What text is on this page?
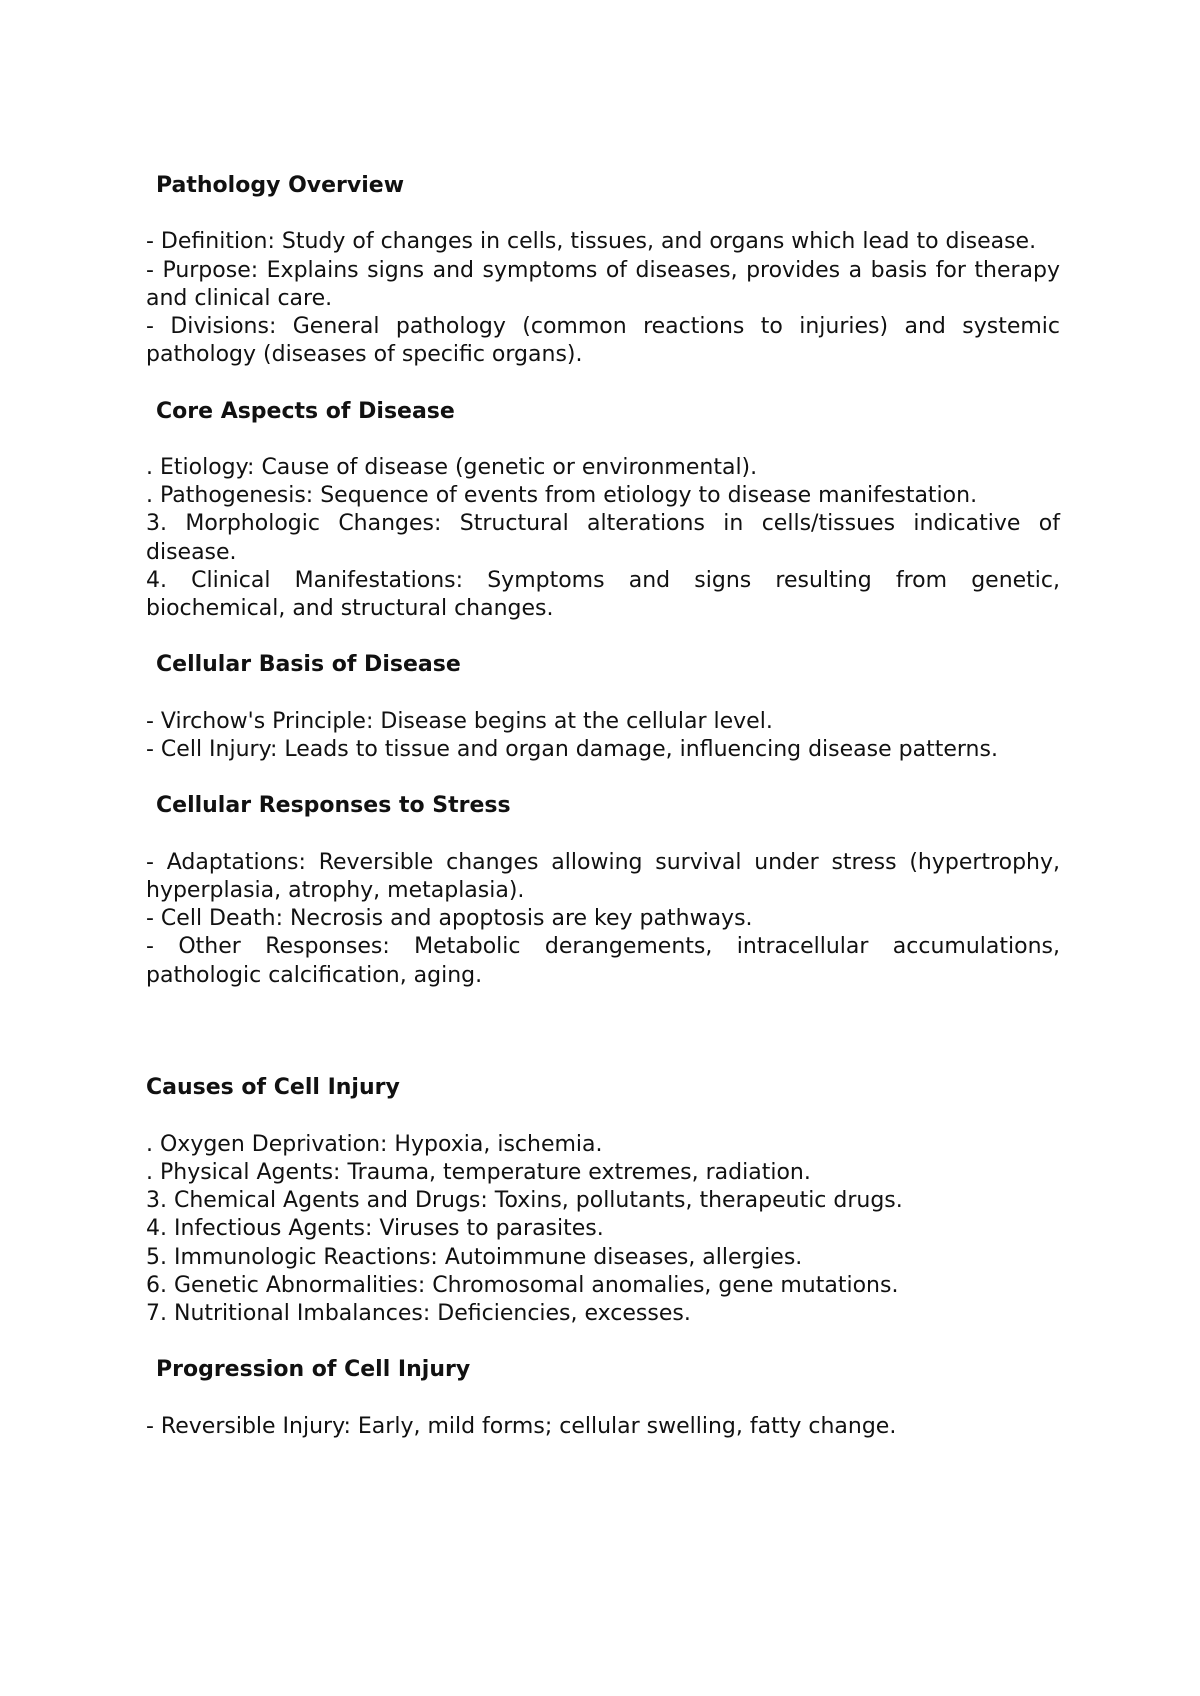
Pathology Overview
- Definition: Study of changes in cells, tissues, and organs which lead to disease.
- Purpose: Explains signs and symptoms of diseases, provides a basis for therapy and clinical care.
- Divisions: General pathology (common reactions to injuries) and systemic pathology (diseases of specific organs).
Core Aspects of Disease
. Etiology: Cause of disease (genetic or environmental).
. Pathogenesis: Sequence of events from etiology to disease manifestation.
3. Morphologic Changes: Structural alterations in cells/tissues indicative of disease.
4. Clinical Manifestations: Symptoms and signs resulting from genetic, biochemical, and structural changes.
Cellular Basis of Disease
- Virchow's Principle: Disease begins at the cellular level.
- Cell Injury: Leads to tissue and organ damage, influencing disease patterns.
Cellular Responses to Stress
- Adaptations: Reversible changes allowing survival under stress (hypertrophy, hyperplasia, atrophy, metaplasia).
- Cell Death: Necrosis and apoptosis are key pathways.
- Other Responses: Metabolic derangements, intracellular accumulations, pathologic calcification, aging.
Causes of Cell Injury
. Oxygen Deprivation: Hypoxia, ischemia.
. Physical Agents: Trauma, temperature extremes, radiation.
3. Chemical Agents and Drugs: Toxins, pollutants, therapeutic drugs.
4. Infectious Agents: Viruses to parasites.
5. Immunologic Reactions: Autoimmune diseases, allergies.
6. Genetic Abnormalities: Chromosomal anomalies, gene mutations.
7. Nutritional Imbalances: Deficiencies, excesses.
Progression of Cell Injury
- Reversible Injury: Early, mild forms; cellular swelling, fatty change.
